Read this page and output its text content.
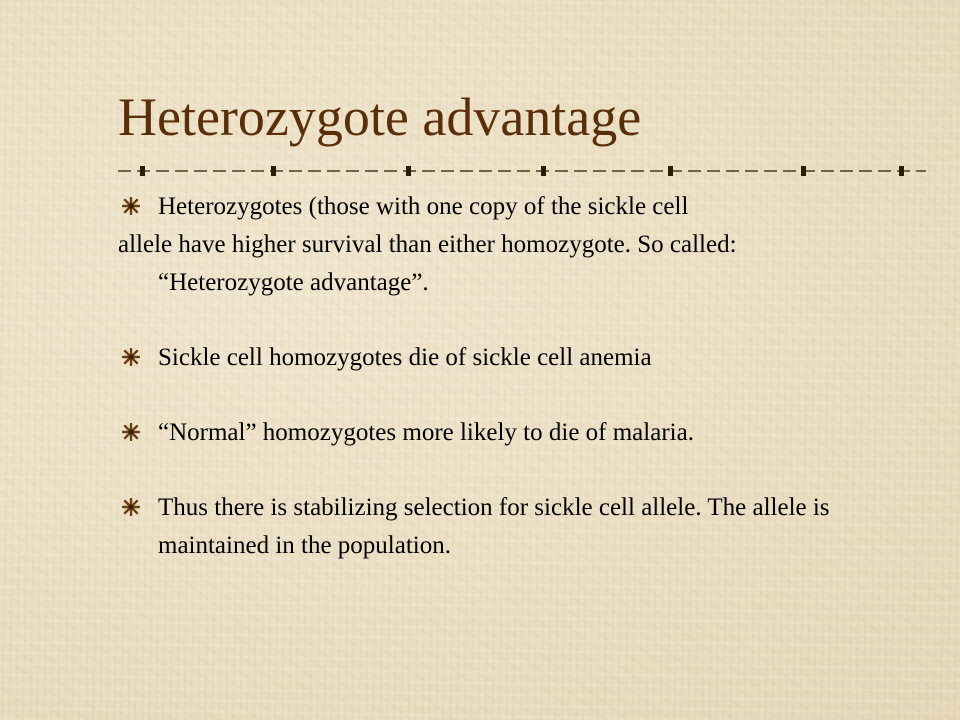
Heterozygote advantage

Heterozygotes (those with one copy of the sickle cell

allele have higher survival than either homozygote. So called:

“Heterozygote advantage”.

Sickle cell homozygotes die of sickle cell anemia

“Normal” homozygotes more likely to die of malaria.

Thus there is stabilizing selection for sickle cell allele. The allele is maintained in the population.
